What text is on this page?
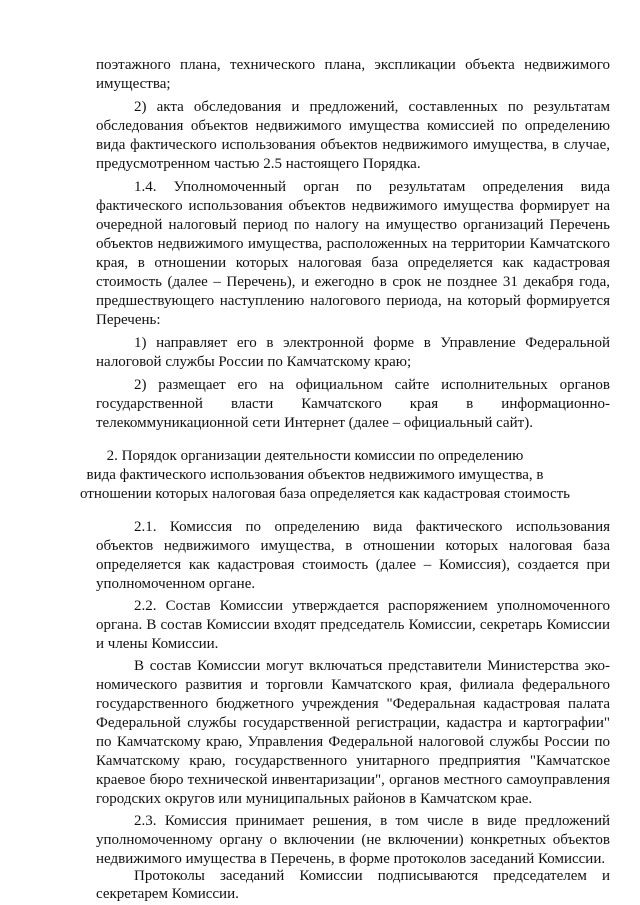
поэтажного плана, технического плана, экспликации объекта недвижимого
имущества;
2) акта обследования и предложений, составленных по результатам
обследования объектов недвижимого имущества комиссией по определению
вида фактического использования объектов недвижимого имущества, в случае,
предусмотренном частью 2.5 настоящего Порядка.
1.4. Уполномоченный орган по результатам определения вида
фактического использования объектов недвижимого имущества формирует на
очередной налоговый период по налогу на имущество организаций Перечень
объектов недвижимого имущества, расположенных на территории Камчатского
края, в отношении которых налоговая база определяется как кадастровая
стоимость (далее – Перечень), и ежегодно в срок не позднее 31 декабря года,
предшествующего наступлению налогового периода, на который формируется
Перечень:
1) направляет его в электронной форме в Управление Федеральной
налоговой службы России по Камчатскому краю;
2) размещает его на официальном сайте исполнительных органов
государственной власти Камчатского края в информационно-
телекоммуникационной сети Интернет (далее – официальный сайт).
2. Порядок организации деятельности комиссии по определению
вида фактического использования объектов недвижимого имущества, в
отношении которых налоговая база определяется как кадастровая стоимость
2.1. Комиссия по определению вида фактического использования
объектов недвижимого имущества, в отношении которых налоговая база
определяется как кадастровая стоимость (далее – Комиссия), создается при
уполномоченном органе.
2.2. Состав Комиссии утверждается распоряжением уполномоченного
органа. В состав Комиссии входят председатель Комиссии, секретарь Комиссии
и члены Комиссии.
В состав Комиссии могут включаться представители Министерства эко-
номического развития и торговли Камчатского края, филиала федерального
государственного бюджетного учреждения "Федеральная кадастровая палата
Федеральной службы государственной регистрации, кадастра и картографии"
по Камчатскому краю, Управления Федеральной налоговой службы России по
Камчатскому краю, государственного унитарного предприятия "Камчатское
краевое бюро технической инвентаризации", органов местного самоуправления
городских округов или муниципальных районов в Камчатском крае.
2.3. Комиссия принимает решения, в том числе в виде предложений
уполномоченному органу о включении (не включении) конкретных объектов
недвижимого имущества в Перечень, в форме протоколов заседаний Комиссии.
Протоколы заседаний Комиссии подписываются председателем и
секретарем Комиссии.
